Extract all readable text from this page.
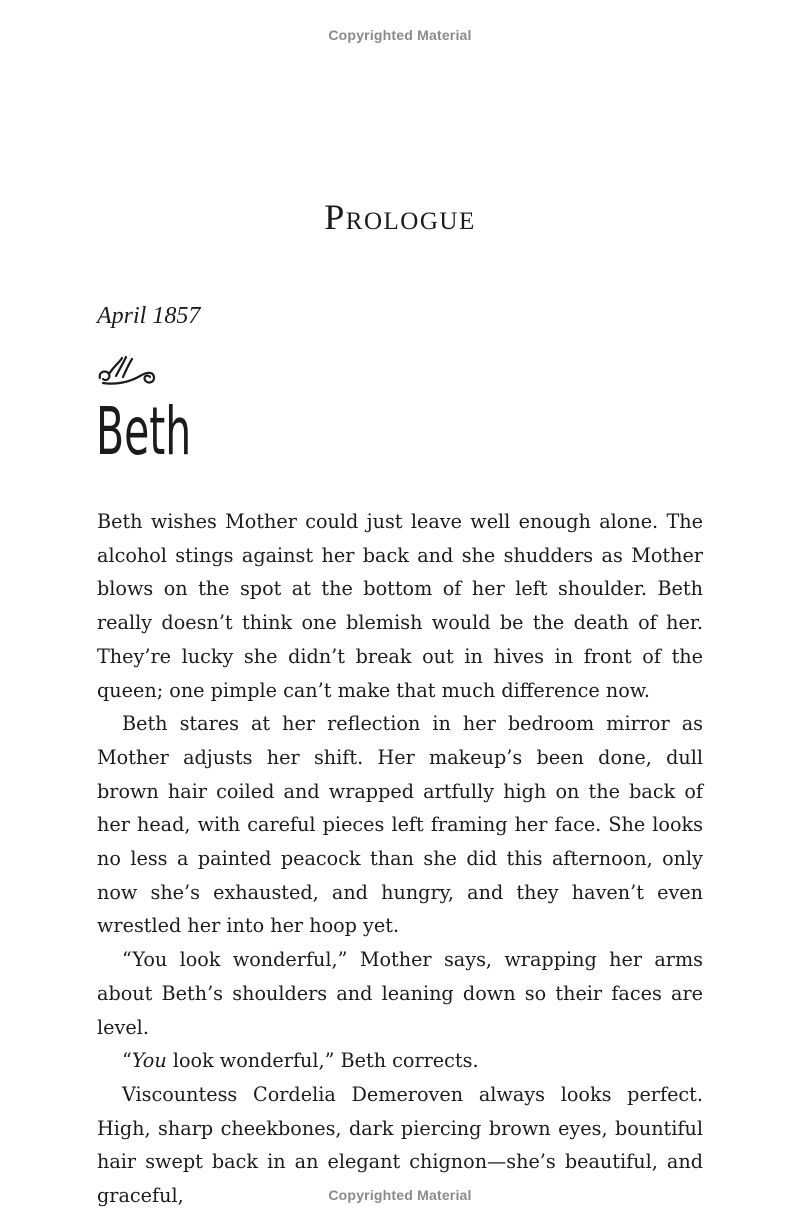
Copyrighted Material
Prologue
April 1857
Beth

Beth wishes Mother could just leave well enough alone. The alcohol stings against her back and she shudders as Mother blows on the spot at the bottom of her left shoulder. Beth really doesn’t think one blemish would be the death of her. They’re lucky she didn’t break out in hives in front of the queen; one pimple can’t make that much difference now.

Beth stares at her reflection in her bedroom mirror as Mother adjusts her shift. Her makeup’s been done, dull brown hair coiled and wrapped artfully high on the back of her head, with careful pieces left framing her face. She looks no less a painted peacock than she did this afternoon, only now she’s exhausted, and hungry, and they haven’t even wrestled her into her hoop yet.

“You look wonderful,” Mother says, wrapping her arms about Beth’s shoulders and leaning down so their faces are level.

“You look wonderful,” Beth corrects.

Viscountess Cordelia Demeroven always looks perfect. High, sharp cheekbones, dark piercing brown eyes, bountiful hair swept back in an elegant chignon—she’s beautiful, and graceful,	Copyrighted Material
